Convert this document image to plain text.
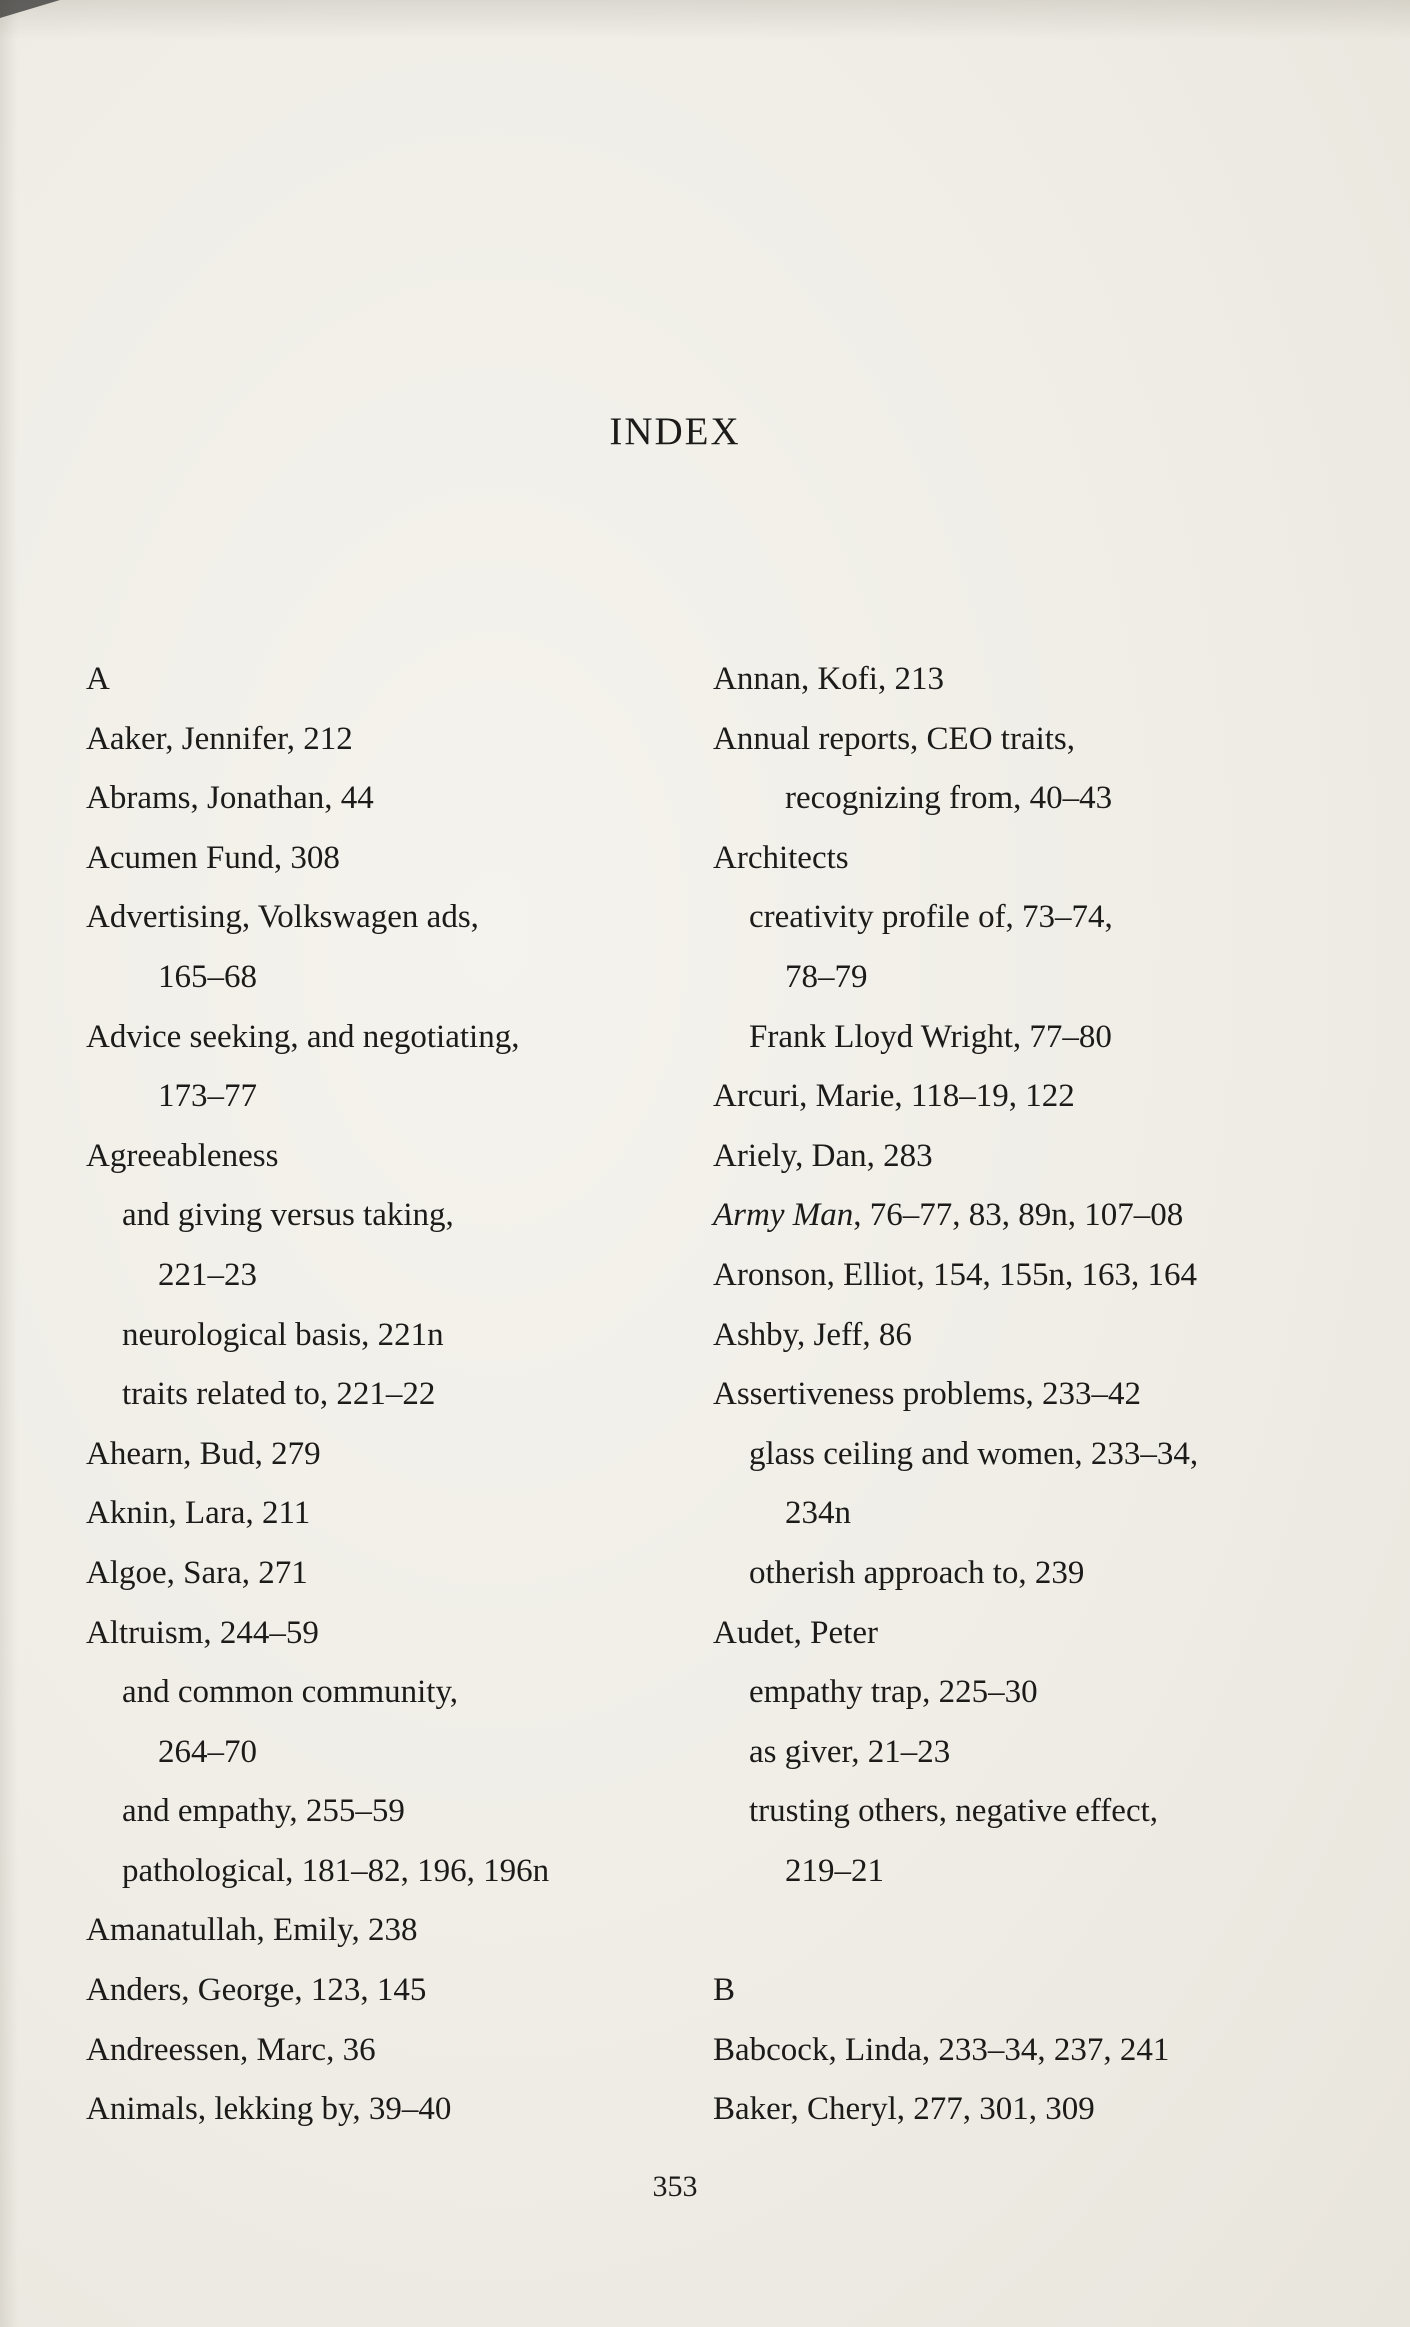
INDEX
A
Aaker, Jennifer, 212
Abrams, Jonathan, 44
Acumen Fund, 308
Advertising, Volkswagen ads,
165–68
Advice seeking, and negotiating,
173–77
Agreeableness
and giving versus taking,
221–23
neurological basis, 221n
traits related to, 221–22
Ahearn, Bud, 279
Aknin, Lara, 211
Algoe, Sara, 271
Altruism, 244–59
and common community,
264–70
and empathy, 255–59
pathological, 181–82, 196, 196n
Amanatullah, Emily, 238
Anders, George, 123, 145
Andreessen, Marc, 36
Animals, lekking by, 39–40
Annan, Kofi, 213
Annual reports, CEO traits,
recognizing from, 40–43
Architects
creativity profile of, 73–74,
78–79
Frank Lloyd Wright, 77–80
Arcuri, Marie, 118–19, 122
Ariely, Dan, 283
Army Man, 76–77, 83, 89n, 107–08
Aronson, Elliot, 154, 155n, 163, 164
Ashby, Jeff, 86
Assertiveness problems, 233–42
glass ceiling and women, 233–34,
234n
otherish approach to, 239
Audet, Peter
empathy trap, 225–30
as giver, 21–23
trusting others, negative effect,
219–21
B
Babcock, Linda, 233–34, 237, 241
Baker, Cheryl, 277, 301, 309
353
